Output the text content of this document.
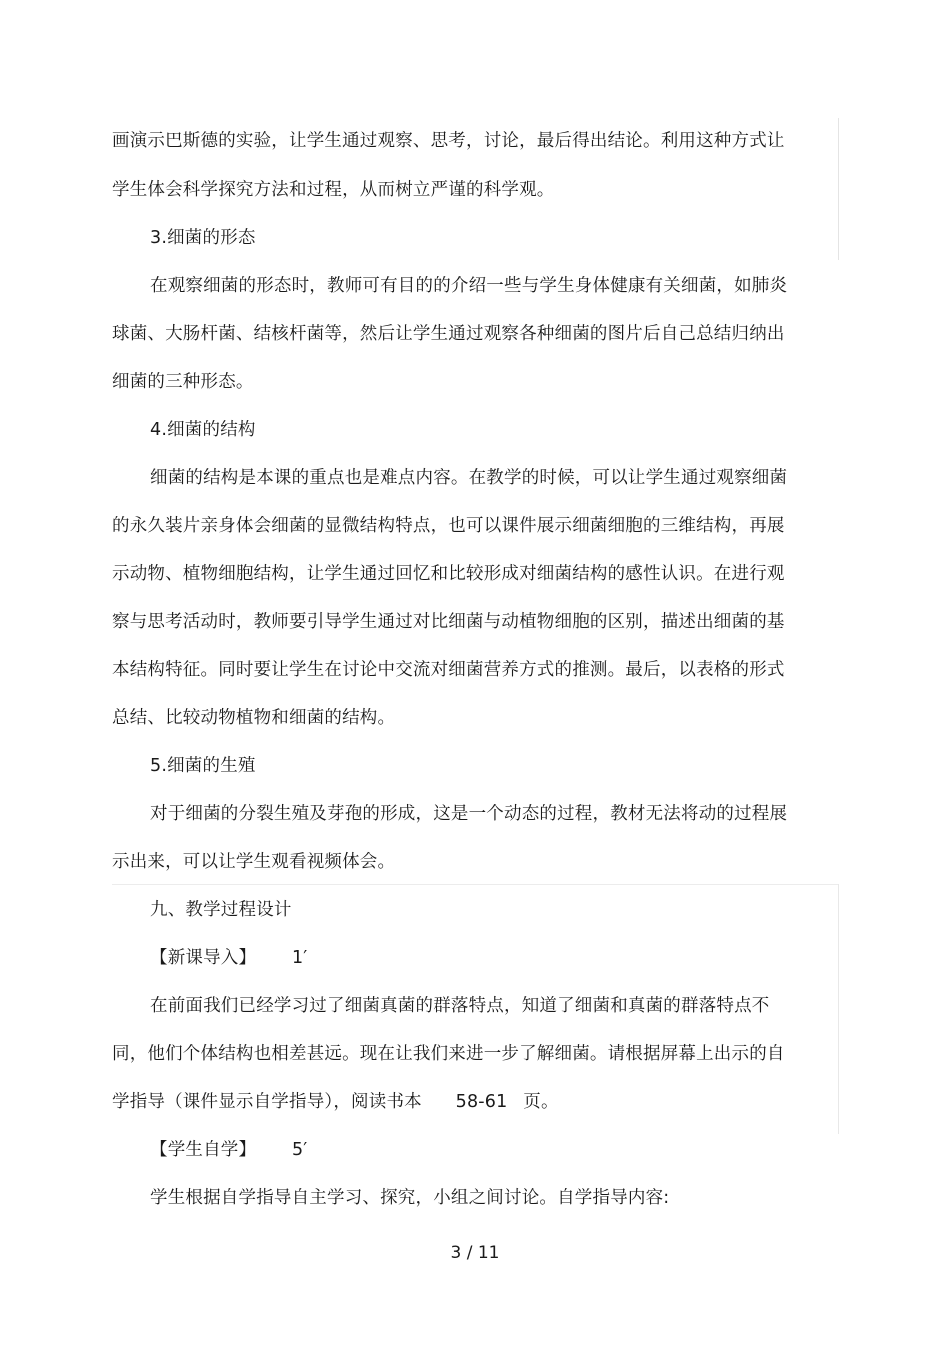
画演示巴斯德的实验，让学生通过观察、思考，讨论，最后得出结论。利用这种方式让
学生体会科学探究方法和过程，从而树立严谨的科学观。
3.细菌的形态
在观察细菌的形态时，教师可有目的的介绍一些与学生身体健康有关细菌，如肺炎
球菌、大肠杆菌、结核杆菌等，然后让学生通过观察各种细菌的图片后自己总结归纳出
细菌的三种形态。
4.细菌的结构
细菌的结构是本课的重点也是难点内容。在教学的时候，可以让学生通过观察细菌
的永久装片亲身体会细菌的显微结构特点，也可以课件展示细菌细胞的三维结构，再展
示动物、植物细胞结构，让学生通过回忆和比较形成对细菌结构的感性认识。在进行观
察与思考活动时，教师要引导学生通过对比细菌与动植物细胞的区别，描述出细菌的基
本结构特征。同时要让学生在讨论中交流对细菌营养方式的推测。最后，以表格的形式
总结、比较动物植物和细菌的结构。
5.细菌的生殖
对于细菌的分裂生殖及芽孢的形成，这是一个动态的过程，教材无法将动的过程展
示出来，可以让学生观看视频体会。
九、教学过程设计
【新课导入】 1′
在前面我们已经学习过了细菌真菌的群落特点，知道了细菌和真菌的群落特点不
同，他们个体结构也相差甚远。现在让我们来进一步了解细菌。请根据屏幕上出示的自
学指导（课件显示自学指导），阅读书本 58-61 页。
【学生自学】 5′
学生根据自学指导自主学习、探究，小组之间讨论。自学指导内容:
3 / 11
